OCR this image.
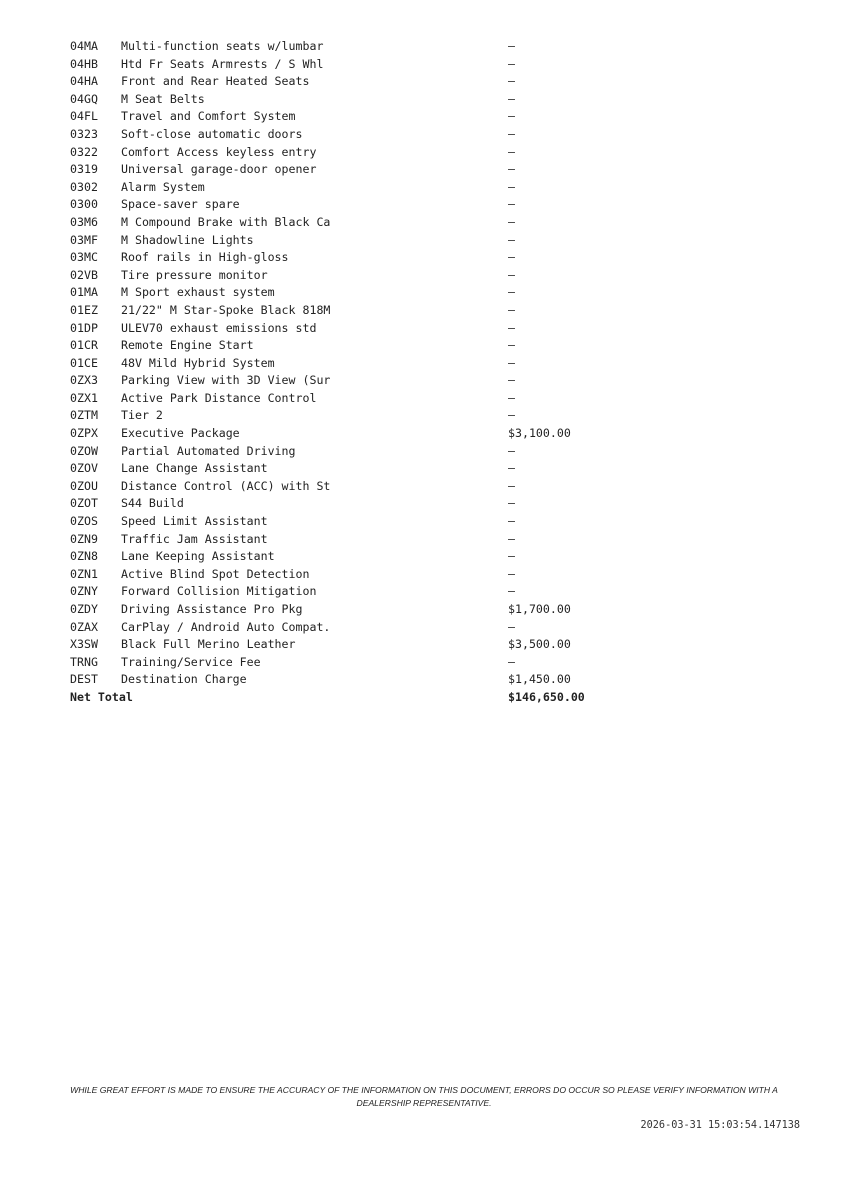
04MA Multi-function seats w/lumbar	—
04HB Htd Fr Seats Armrests / S Whl	—
04HA Front and Rear Heated Seats	—
04GQ M Seat Belts	—
04FL Travel and Comfort System	—
0323 Soft-close automatic doors	—
0322 Comfort Access keyless entry	—
0319 Universal garage-door opener	—
0302 Alarm System	—
0300 Space-saver spare	—
03M6 M Compound Brake with Black Ca	—
03MF M Shadowline Lights	—
03MC Roof rails in High-gloss	—
02VB Tire pressure monitor	—
01MA M Sport exhaust system	—
01EZ 21/22" M Star-Spoke Black 818M	—
01DP ULEV70 exhaust emissions std	—
01CR Remote Engine Start	—
01CE 48V Mild Hybrid System	—
0ZX3 Parking View with 3D View (Sur	—
0ZX1 Active Park Distance Control	—
0ZTM Tier 2	—
0ZPX Executive Package	$3,100.00
0ZOW Partial Automated Driving	—
0ZOV Lane Change Assistant	—
0ZOU Distance Control (ACC) with St	—
0ZOT S44 Build	—
0ZOS Speed Limit Assistant	—
0ZN9 Traffic Jam Assistant	—
0ZN8 Lane Keeping Assistant	—
0ZN1 Active Blind Spot Detection	—
0ZNY Forward Collision Mitigation	—
0ZDY Driving Assistance Pro Pkg	$1,700.00
0ZAX CarPlay / Android Auto Compat.	—
X3SW Black Full Merino Leather	$3,500.00
TRNG Training/Service Fee	—
DEST Destination Charge	$1,450.00
Net Total	$146,650.00
WHILE GREAT EFFORT IS MADE TO ENSURE THE ACCURACY OF THE INFORMATION ON THIS DOCUMENT, ERRORS DO OCCUR SO PLEASE VERIFY INFORMATION WITH A DEALERSHIP REPRESENTATIVE.
2026-03-31 15:03:54.147138
